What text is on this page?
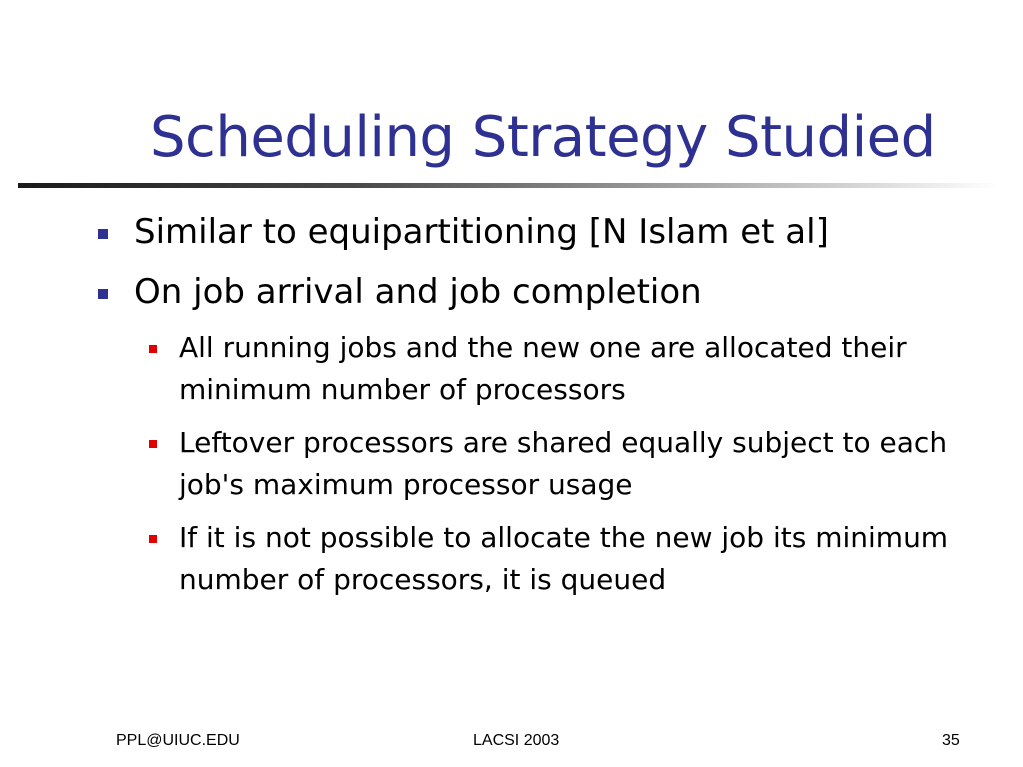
Scheduling Strategy Studied
Similar to equipartitioning [N Islam et al]
On job arrival and job completion
All running jobs and the new one are allocated their minimum number of processors
Leftover processors are shared equally subject to each job's maximum processor usage
If it is not possible to allocate the new job its minimum number of processors, it is queued
PPL@UIUC.EDU	LACSI 2003	35
